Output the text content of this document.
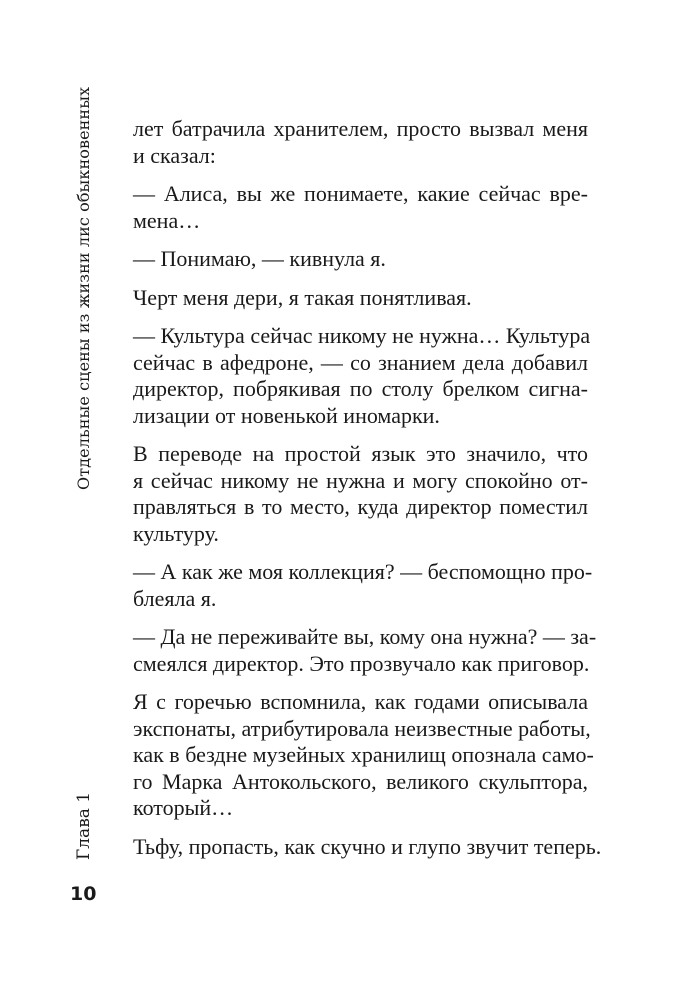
Отдельные сцены из жизни лис обыкновенных
Глава 1
10

лет батрачила хранителем, просто вызвал меня
и сказал:

— Алиса, вы же понимаете, какие сейчас вре-
мена…

— Понимаю, — кивнула я.

Черт меня дери, я такая понятливая.

— Культура сейчас никому не нужна… Культура
сейчас в афедроне, — со знанием дела добавил
директор, побрякивая по столу брелком сигна-
лизации от новенькой иномарки.

В переводе на простой язык это значило, что
я сейчас никому не нужна и могу спокойно от-
правляться в то место, куда директор поместил
культуру.

— А как же моя коллекция? — беспомощно про-
блеяла я.

— Да не переживайте вы, кому она нужна? — за-
смеялся директор. Это прозвучало как приговор.

Я с горечью вспомнила, как годами описывала
экспонаты, атрибутировала неизвестные работы,
как в бездне музейных хранилищ опознала само-
го Марка Антокольского, великого скульптора,
который…

Тьфу, пропасть, как скучно и глупо звучит теперь.
